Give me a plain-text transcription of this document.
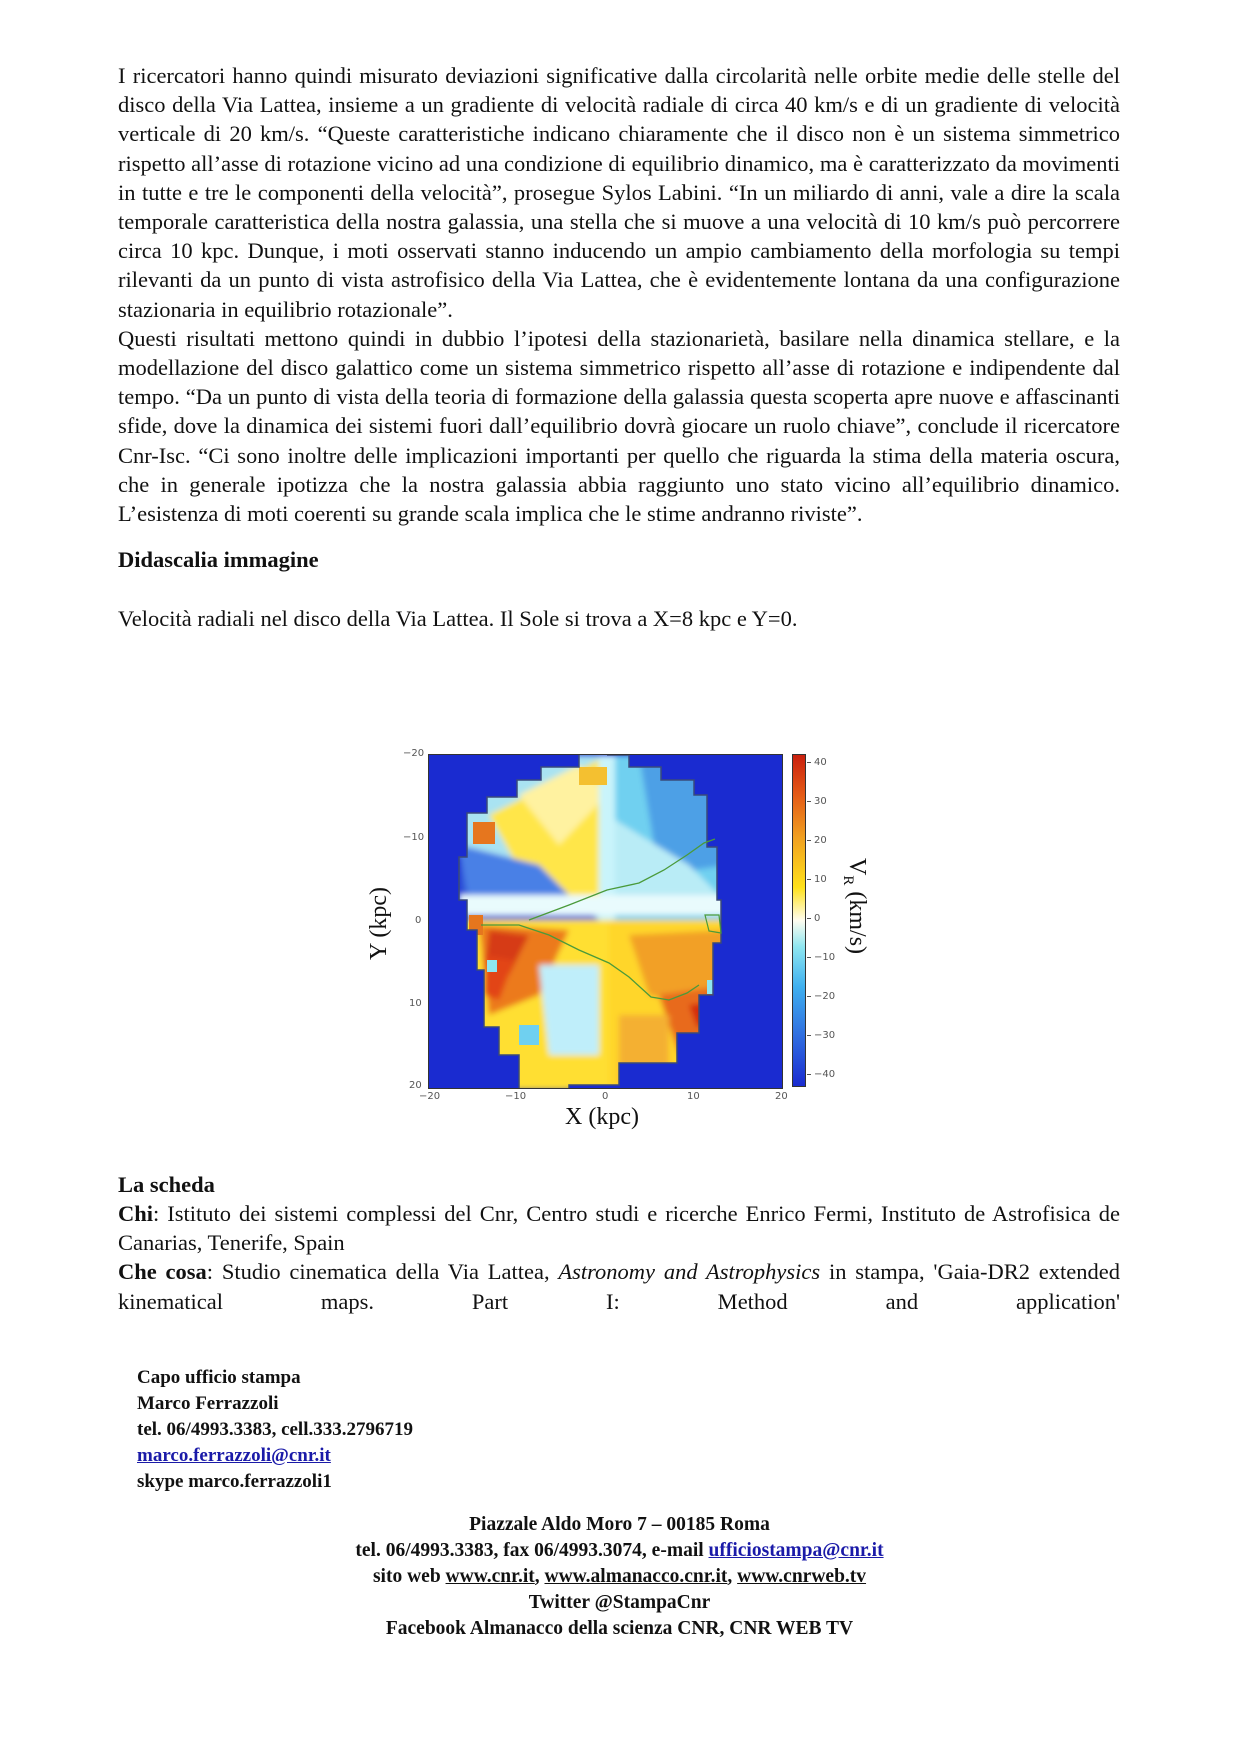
I ricercatori hanno quindi misurato deviazioni significative dalla circolarità nelle orbite medie delle stelle del disco della Via Lattea, insieme a un gradiente di velocità radiale di circa 40 km/s e di un gradiente di velocità verticale di 20 km/s. “Queste caratteristiche indicano chiaramente che il disco non è un sistema simmetrico rispetto all’asse di rotazione vicino ad una condizione di equilibrio dinamico, ma è caratterizzato da movimenti in tutte e tre le componenti della velocità”, prosegue Sylos Labini. “In un miliardo di anni, vale a dire la scala temporale caratteristica della nostra galassia, una stella che si muove a una velocità di 10 km/s può percorrere circa 10 kpc. Dunque, i moti osservati stanno inducendo un ampio cambiamento della morfologia su tempi rilevanti da un punto di vista astrofisico della Via Lattea, che è evidentemente lontana da una configurazione stazionaria in equilibrio rotazionale”.

Questi risultati mettono quindi in dubbio l’ipotesi della stazionarietà, basilare nella dinamica stellare, e la modellazione del disco galattico come un sistema simmetrico rispetto all’asse di rotazione e indipendente dal tempo. “Da un punto di vista della teoria di formazione della galassia questa scoperta apre nuove e affascinanti sfide, dove la dinamica dei sistemi fuori dall’equilibrio dovrà giocare un ruolo chiave”, conclude il ricercatore Cnr-Isc. “Ci sono inoltre delle implicazioni importanti per quello che riguarda la stima della materia oscura, che in generale ipotizza che la nostra galassia abbia raggiunto uno stato vicino all’equilibrio dinamico. L’esistenza di moti coerenti su grande scala implica che le stime andranno riviste”.

Didascalia immagine

Velocità radiali nel disco della Via Lattea. Il Sole si trova a X=8 kpc e Y=0.

−20
−10
0
10
20
Y (kpc)
−20	−10	0	10	20
X (kpc)
40
30
20
10
0
−10
−20
−30
−40
$V_R$ (km/s)

La scheda

Chi: Istituto dei sistemi complessi del Cnr, Centro studi e ricerche Enrico Fermi, Instituto de Astrofisica de Canarias, Tenerife, Spain

Che cosa: Studio cinematica della Via Lattea, Astronomy and Astrophysics in stampa, 'Gaia-DR2 extended kinematical maps. Part I: Method and application'

Capo ufficio stampa
Marco Ferrazzoli
tel. 06/4993.3383, cell.333.2796719
marco.ferrazzoli@cnr.it
skype marco.ferrazzoli1
Piazzale Aldo Moro 7 – 00185 Roma
tel. 06/4993.3383, fax 06/4993.3074, e-mail ufficiostampa@cnr.it
sito web www.cnr.it, www.almanacco.cnr.it, www.cnrweb.tv
Twitter @StampaCnr
Facebook Almanacco della scienza CNR, CNR WEB TV
